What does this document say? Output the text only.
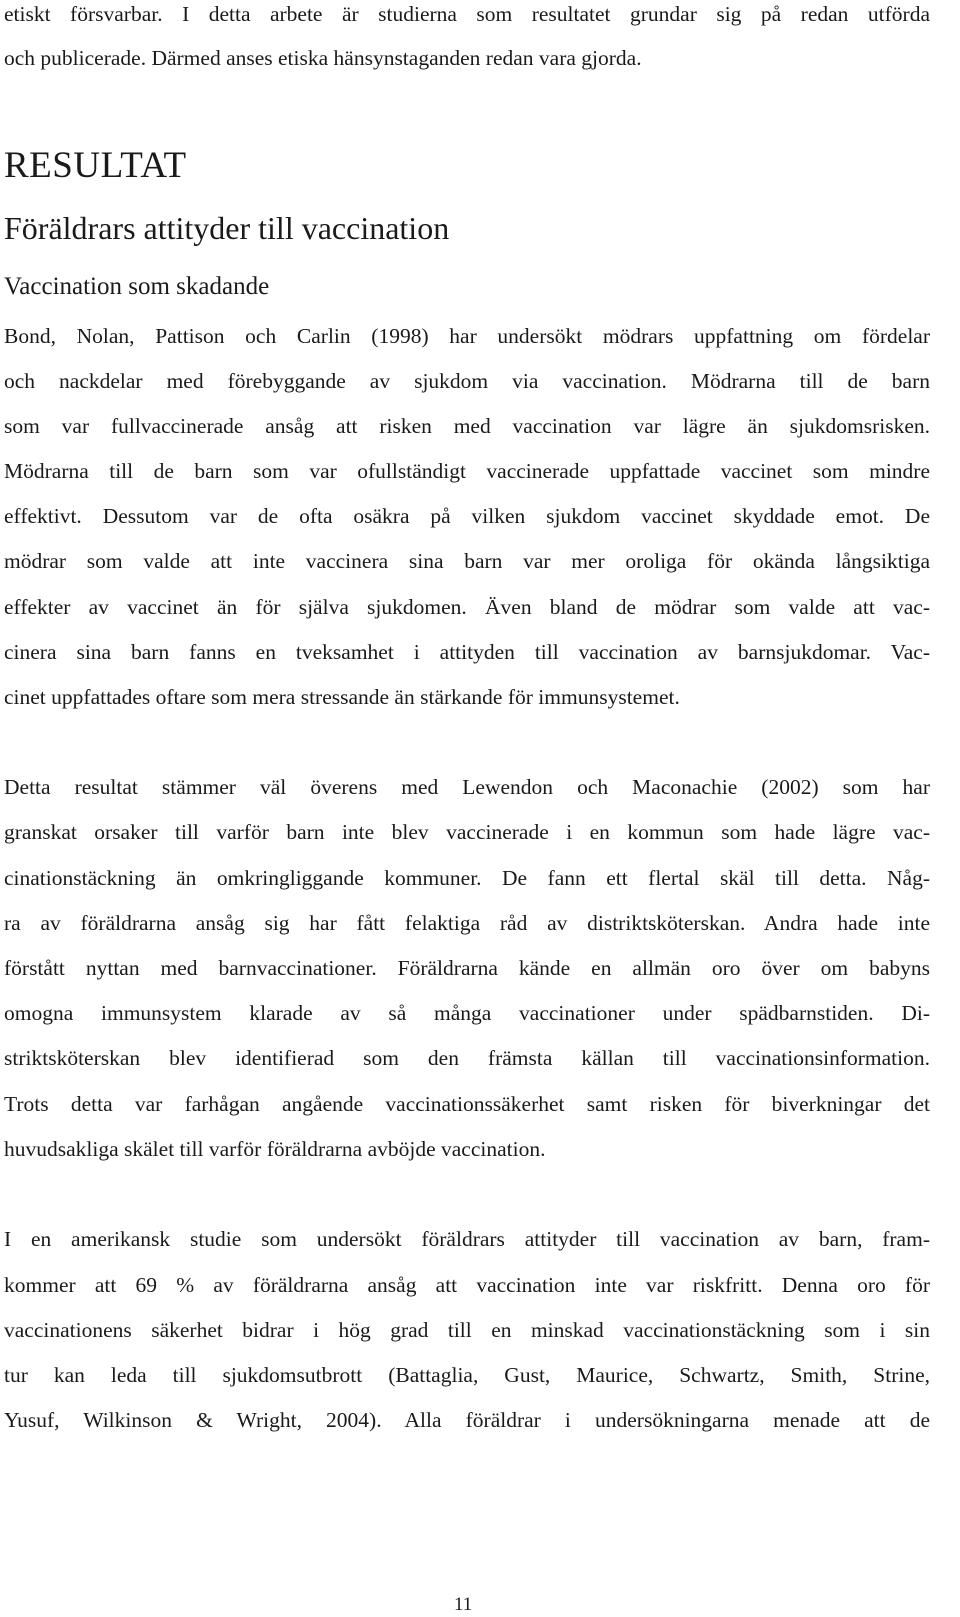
etiskt försvarbar. I detta arbete är studierna som resultatet grundar sig på redan utförda
och publicerade. Därmed anses etiska hänsynstaganden redan vara gjorda.
RESULTAT
Föräldrars attityder till vaccination
Vaccination som skadande
Bond, Nolan, Pattison och Carlin (1998) har undersökt mödrars uppfattning om fördelar
och nackdelar med förebyggande av sjukdom via vaccination. Mödrarna till de barn
som var fullvaccinerade ansåg att risken med vaccination var lägre än sjukdomsrisken.
Mödrarna till de barn som var ofullständigt vaccinerade uppfattade vaccinet som mindre
effektivt. Dessutom var de ofta osäkra på vilken sjukdom vaccinet skyddade emot. De
mödrar som valde att inte vaccinera sina barn var mer oroliga för okända långsiktiga
effekter av vaccinet än för själva sjukdomen. Även bland de mödrar som valde att vac-
cinera sina barn fanns en tveksamhet i attityden till vaccination av barnsjukdomar. Vac-
cinet uppfattades oftare som mera stressande än stärkande för immunsystemet.
Detta resultat stämmer väl överens med Lewendon och Maconachie (2002) som har
granskat orsaker till varför barn inte blev vaccinerade i en kommun som hade lägre vac-
cinationstäckning än omkringliggande kommuner. De fann ett flertal skäl till detta. Någ-
ra av föräldrarna ansåg sig har fått felaktiga råd av distriktsköterskan. Andra hade inte
förstått nyttan med barnvaccinationer. Föräldrarna kände en allmän oro över om babyns
omogna immunsystem klarade av så många vaccinationer under spädbarnstiden. Di-
striktsköterskan blev identifierad som den främsta källan till vaccinationsinformation.
Trots detta var farhågan angående vaccinationssäkerhet samt risken för biverkningar det
huvudsakliga skälet till varför föräldrarna avböjde vaccination.
I en amerikansk studie som undersökt föräldrars attityder till vaccination av barn, fram-
kommer att 69 % av föräldrarna ansåg att vaccination inte var riskfritt. Denna oro för
vaccinationens säkerhet bidrar i hög grad till en minskad vaccinationstäckning som i sin
tur kan leda till sjukdomsutbrott (Battaglia, Gust, Maurice, Schwartz, Smith, Strine,
Yusuf, Wilkinson & Wright, 2004). Alla föräldrar i undersökningarna menade att de
11
